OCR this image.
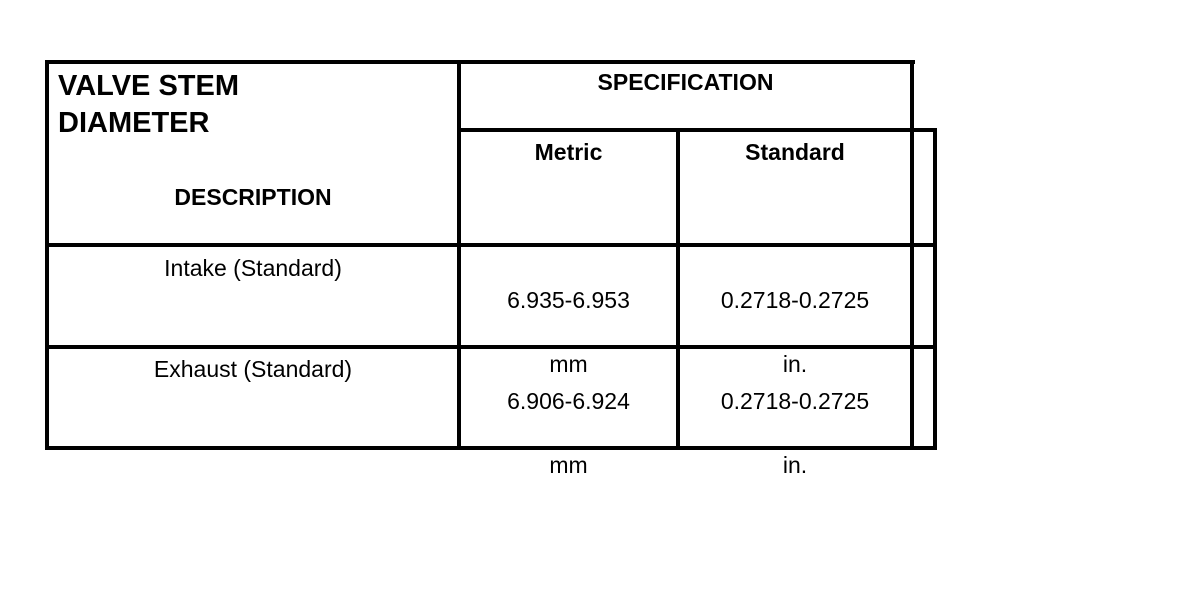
VALVE STEM
DIAMETER
DESCRIPTION
SPECIFICATION
Metric	Standard
Intake (Standard)

6.935-6.953

mm

0.2718-0.2725

in.

Exhaust (Standard)

6.906-6.924

mm

0.2718-0.2725

in.
